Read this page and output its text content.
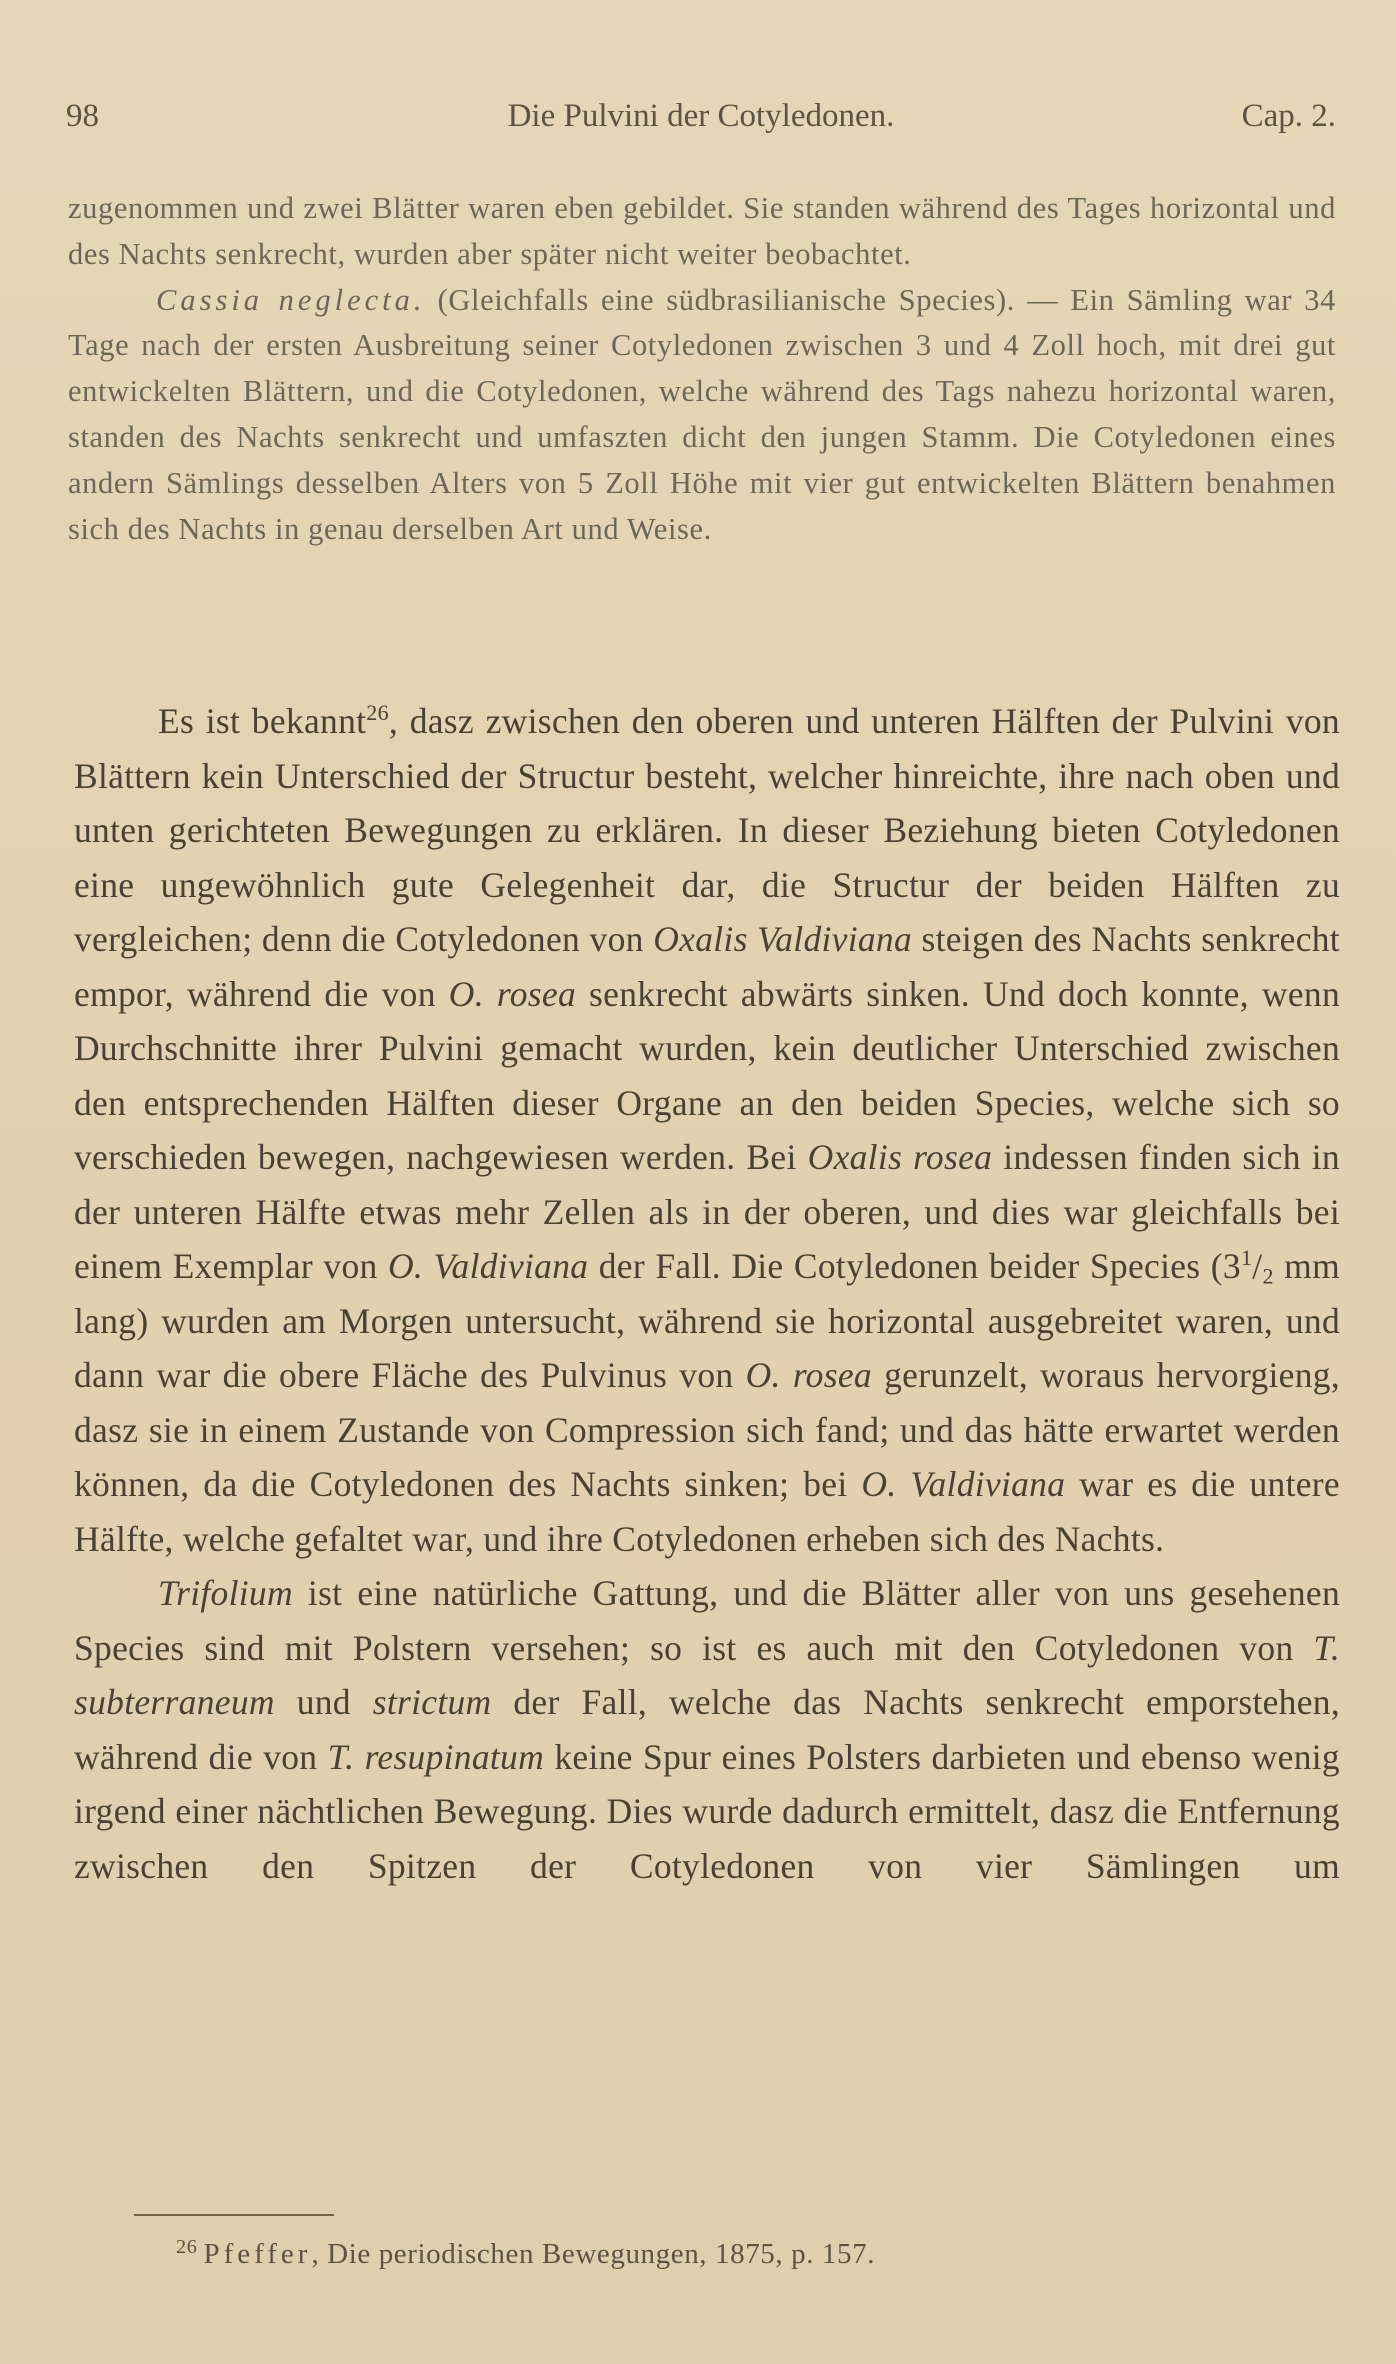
98	Die Pulvini der Cotyledonen.	Cap. 2.

zugenommen und zwei Blätter waren eben gebildet. Sie standen während des Tages horizontal und des Nachts senkrecht, wurden aber später nicht weiter beobachtet.

Cassia neglecta. (Gleichfalls eine südbrasilianische Species). — Ein Sämling war 34 Tage nach der ersten Ausbreitung seiner Cotyledonen zwischen 3 und 4 Zoll hoch, mit drei gut entwickelten Blättern, und die Cotyledonen, welche während des Tags nahezu horizontal waren, standen des Nachts senkrecht und umfaszten dicht den jungen Stamm. Die Cotyledonen eines andern Sämlings desselben Alters von 5 Zoll Höhe mit vier gut entwickelten Blättern benahmen sich des Nachts in genau derselben Art und Weise.

Es ist bekannt$^{26}$, dasz zwischen den oberen und unteren Hälften der Pulvini von Blättern kein Unterschied der Structur besteht, welcher hinreichte, ihre nach oben und unten gerichteten Bewegungen zu erklären. In dieser Beziehung bieten Cotyledonen eine ungewöhnlich gute Gelegenheit dar, die Structur der beiden Hälften zu vergleichen; denn die Cotyledonen von Oxalis Valdiviana steigen des Nachts senkrecht empor, während die von O. rosea senkrecht abwärts sinken. Und doch konnte, wenn Durchschnitte ihrer Pulvini gemacht wurden, kein deutlicher Unterschied zwischen den entsprechenden Hälften dieser Organe an den beiden Species, welche sich so verschieden bewegen, nachgewiesen werden. Bei Oxalis rosea indessen finden sich in der unteren Hälfte etwas mehr Zellen als in der oberen, und dies war gleichfalls bei einem Exemplar von O. Valdiviana der Fall. Die Cotyledonen beider Species ($3^1/_2$ mm lang) wurden am Morgen untersucht, während sie horizontal ausgebreitet waren, und dann war die obere Fläche des Pulvinus von O. rosea gerunzelt, woraus hervorgieng, dasz sie in einem Zustande von Compression sich fand; und das hätte erwartet werden können, da die Cotyledonen des Nachts sinken; bei O. Valdiviana war es die untere Hälfte, welche gefaltet war, und ihre Cotyledonen erheben sich des Nachts.

Trifolium ist eine natürliche Gattung, und die Blätter aller von uns gesehenen Species sind mit Polstern versehen; so ist es auch mit den Cotyledonen von T. subterraneum und strictum der Fall, welche das Nachts senkrecht emporstehen, während die von T. resupinatum keine Spur eines Polsters darbieten und ebenso wenig irgend einer nächtlichen Bewegung. Dies wurde dadurch ermittelt, dasz die Entfernung zwischen den Spitzen der Cotyledonen von vier Sämlingen um

$^{26}$ Pfeffer, Die periodischen Bewegungen, 1875, p. 157.
